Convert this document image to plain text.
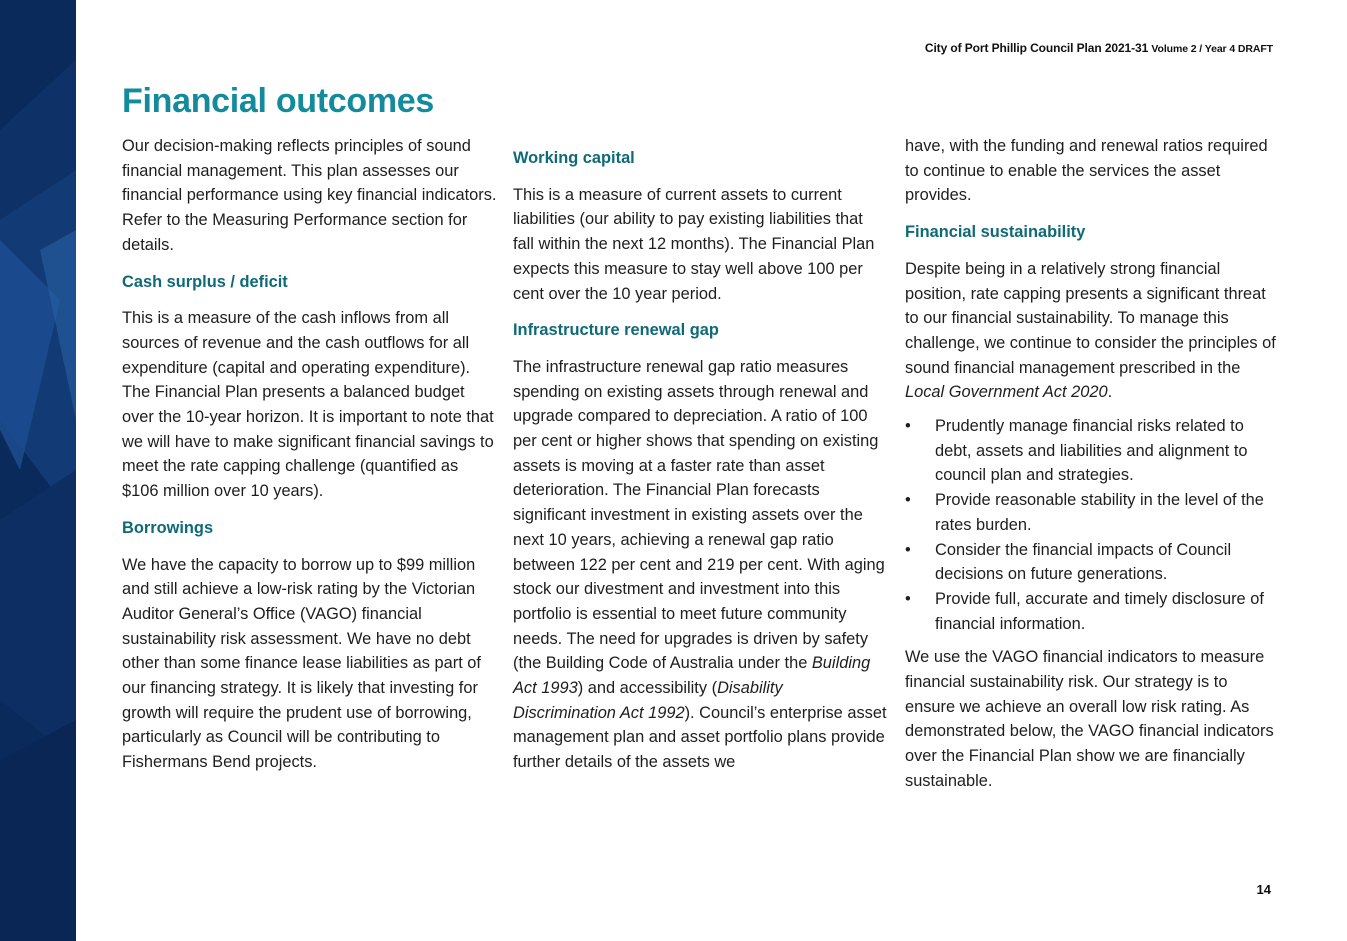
City of Port Phillip Council Plan 2021-31 Volume 2 / Year 4 DRAFT
Financial outcomes

Our decision-making reflects principles of sound financial management. This plan assesses our financial performance using key financial indicators. Refer to the Measuring Performance section for details.

Cash surplus / deficit

This is a measure of the cash inflows from all sources of revenue and the cash outflows for all expenditure (capital and operating expenditure). The Financial Plan presents a balanced budget over the 10-year horizon. It is important to note that we will have to make significant financial savings to meet the rate capping challenge (quantified as $106 million over 10 years).

Borrowings

We have the capacity to borrow up to $99 million and still achieve a low-risk rating by the Victorian Auditor General’s Office (VAGO) financial sustainability risk assessment. We have no debt other than some finance lease liabilities as part of our financing strategy. It is likely that investing for growth will require the prudent use of borrowing, particularly as Council will be contributing to Fishermans Bend projects.

Working capital

This is a measure of current assets to current liabilities (our ability to pay existing liabilities that fall within the next 12 months). The Financial Plan expects this measure to stay well above 100 per cent over the 10 year period.

Infrastructure renewal gap

The infrastructure renewal gap ratio measures spending on existing assets through renewal and upgrade compared to depreciation. A ratio of 100 per cent or higher shows that spending on existing assets is moving at a faster rate than asset deterioration. The Financial Plan forecasts significant investment in existing assets over the next 10 years, achieving a renewal gap ratio between 122 per cent and 219 per cent. With aging stock our divestment and investment into this portfolio is essential to meet future community needs. The need for upgrades is driven by safety (the Building Code of Australia under the Building Act 1993) and accessibility (Disability Discrimination Act 1992). Council’s enterprise asset management plan and asset portfolio plans provide further details of the assets we

have, with the funding and renewal ratios required to continue to enable the services the asset provides.

Financial sustainability

Despite being in a relatively strong financial position, rate capping presents a significant threat to our financial sustainability. To manage this challenge, we continue to consider the principles of sound financial management prescribed in the Local Government Act 2020.

• Prudently manage financial risks related to debt, assets and liabilities and alignment to council plan and strategies.
• Provide reasonable stability in the level of the rates burden.
• Consider the financial impacts of Council decisions on future generations.
• Provide full, accurate and timely disclosure of financial information.

We use the VAGO financial indicators to measure financial sustainability risk. Our strategy is to ensure we achieve an overall low risk rating. As demonstrated below, the VAGO financial indicators over the Financial Plan show we are financially sustainable.

14
